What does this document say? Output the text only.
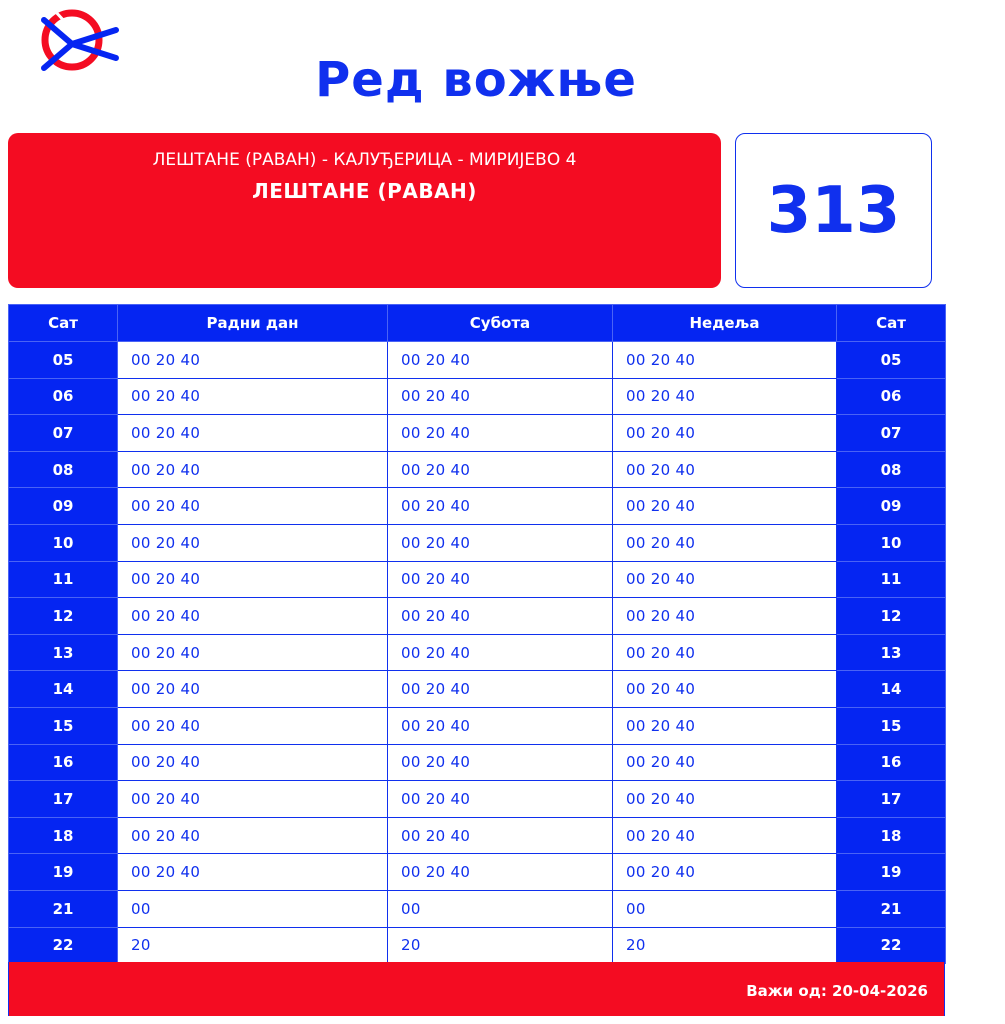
Ред вожње
ЛЕШТАНЕ (РАВАН) - КАЛУЂЕРИЦА - МИРИЈЕВО 4
ЛЕШТАНЕ (РАВАН)	313
Сат	Радни дан	Субота	Недеља	Сат
05	00 20 40	00 20 40	00 20 40	05
06	00 20 40	00 20 40	00 20 40	06
07	00 20 40	00 20 40	00 20 40	07
08	00 20 40	00 20 40	00 20 40	08
09	00 20 40	00 20 40	00 20 40	09
10	00 20 40	00 20 40	00 20 40	10
11	00 20 40	00 20 40	00 20 40	11
12	00 20 40	00 20 40	00 20 40	12
13	00 20 40	00 20 40	00 20 40	13
14	00 20 40	00 20 40	00 20 40	14
15	00 20 40	00 20 40	00 20 40	15
16	00 20 40	00 20 40	00 20 40	16
17	00 20 40	00 20 40	00 20 40	17
18	00 20 40	00 20 40	00 20 40	18
19	00 20 40	00 20 40	00 20 40	19
21	00	00	00	21
22	20	20	20	22
Важи од: 20-04-2026
